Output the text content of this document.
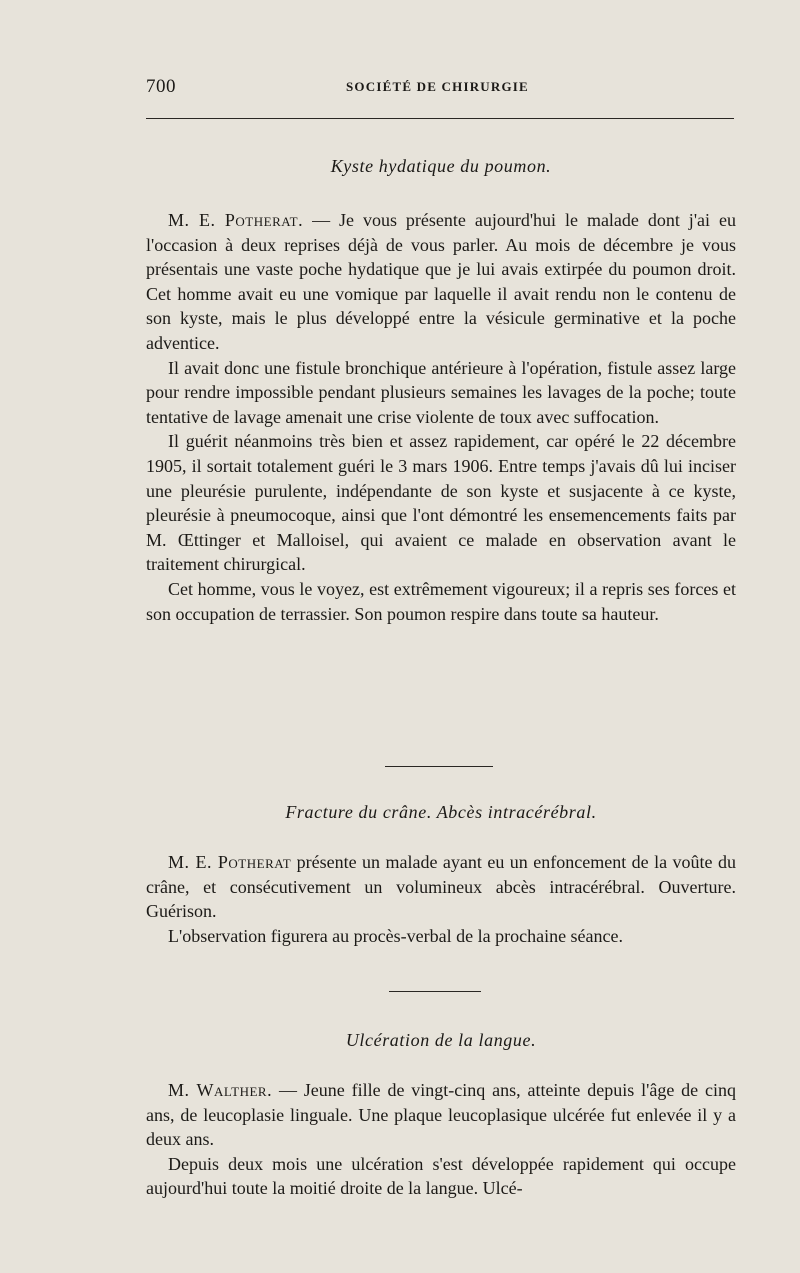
700	SOCIÉTÉ DE CHIRURGIE
Kyste hydatique du poumon.

M. E. Potherat. — Je vous présente aujourd'hui le malade dont j'ai eu l'occasion à deux reprises déjà de vous parler. Au mois de décembre je vous présentais une vaste poche hydatique que je lui avais extirpée du poumon droit. Cet homme avait eu une vomique par laquelle il avait rendu non le contenu de son kyste, mais le plus développé entre la vésicule germinative et la poche adventice.

Il avait donc une fistule bronchique antérieure à l'opération, fistule assez large pour rendre impossible pendant plusieurs semaines les lavages de la poche; toute tentative de lavage amenait une crise violente de toux avec suffocation.

Il guérit néanmoins très bien et assez rapidement, car opéré le 22 décembre 1905, il sortait totalement guéri le 3 mars 1906. Entre temps j'avais dû lui inciser une pleurésie purulente, indépendante de son kyste et susjacente à ce kyste, pleurésie à pneumocoque, ainsi que l'ont démontré les ensemencements faits par M. Œttinger et Malloisel, qui avaient ce malade en observation avant le traitement chirurgical.

Cet homme, vous le voyez, est extrêmement vigoureux; il a repris ses forces et son occupation de terrassier. Son poumon respire dans toute sa hauteur.

Fracture du crâne. Abcès intracérébral.

M. E. Potherat présente un malade ayant eu un enfoncement de la voûte du crâne, et consécutivement un volumineux abcès intracérébral. Ouverture. Guérison.

L'observation figurera au procès-verbal de la prochaine séance.

Ulcération de la langue.

M. Walther. — Jeune fille de vingt-cinq ans, atteinte depuis l'âge de cinq ans, de leucoplasie linguale. Une plaque leucoplasique ulcérée fut enlevée il y a deux ans.

Depuis deux mois une ulcération s'est développée rapidement qui occupe aujourd'hui toute la moitié droite de la langue. Ulcé-
